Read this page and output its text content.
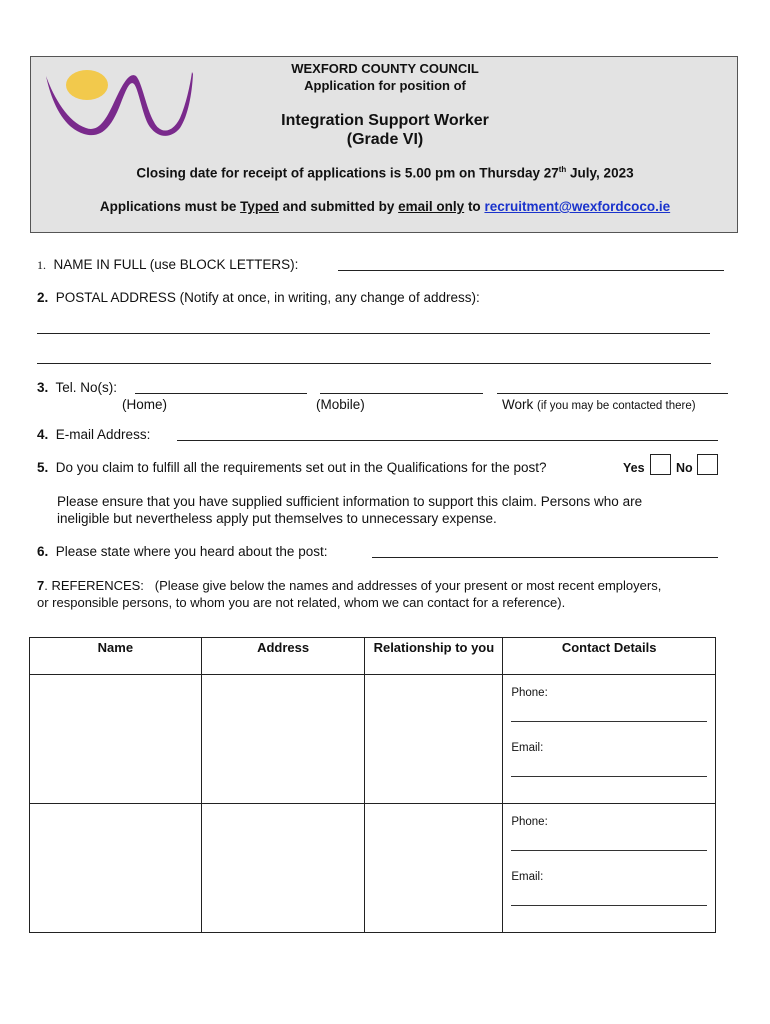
WEXFORD COUNTY COUNCIL
Application for position of
Integration Support Worker
(Grade VI)
Closing date for receipt of applications is 5.00 pm on Thursday 27th July, 2023
Applications must be Typed and submitted by email only to recruitment@wexfordcoco.ie
1. NAME IN FULL (use BLOCK LETTERS):
2. POSTAL ADDRESS (Notify at once, in writing, any change of address):
3. Tel. No(s):
(Home)	(Mobile)	Work (if you may be contacted there)
4. E-mail Address:
5. Do you claim to fulfill all the requirements set out in the Qualifications for the post?	Yes	No
Please ensure that you have supplied sufficient information to support this claim. Persons who are
ineligible but nevertheless apply put themselves to unnecessary expense.
6. Please state where you heard about the post:
7. REFERENCES: (Please give below the names and addresses of your present or most recent employers,
or responsible persons, to whom you are not related, whom we can contact for a reference).
Name	Address	Relationship to you	Contact Details

			Phone:
Email:

			Phone:
Email:
